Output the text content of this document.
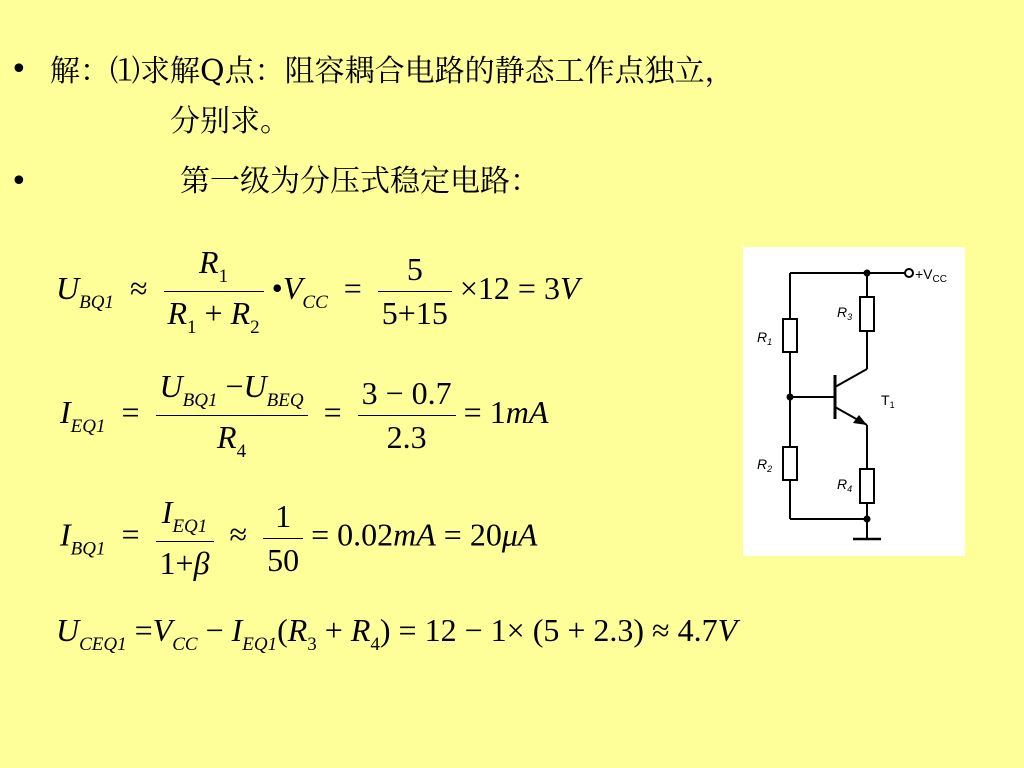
• 解：⑴求解Q点：阻容耦合电路的静态工作点独立，
分别求。
•	第一级为分压式稳定电路：
$U_{BQ1} \approx \frac{R_1}{R_1 + R_2}$ $•V_{CC} = \frac{5}{5+15} \times 12 = 3V$
$I_{EQ1} = \frac{U_{BQ1} -U_{BEQ}}{R_4} = \frac{3 - 0.7}{2.3} = 1mA$
$I_{BQ1} = \frac{I_{EQ1}}{1+\beta} \approx \frac{1}{50} = 0.02mA = 20\mu A$
$U_{CEQ1} =V_{CC} - I_{EQ1}(R_3 + R_4) = 12 - 1\times (5 + 2.3) \approx 4.7V$
$+V_{CC}$
$R_1$
$R_2$
$R_3$
$R_4$
$T_1$
